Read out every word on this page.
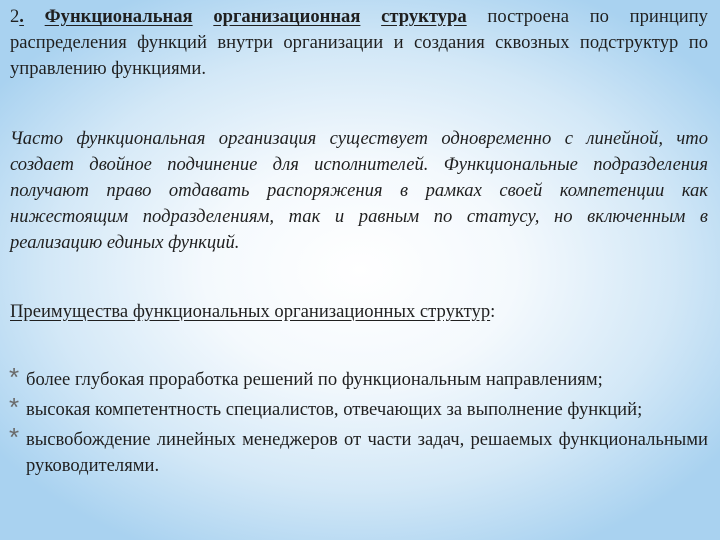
2. Функциональная организационная структура построена по принципу распределения функций внутри организации и создания сквозных подструктур по управлению функциями.

Часто функциональная организация существует одновременно с линейной, что создает двойное подчинение для исполнителей. Функциональные подразделения получают право отдавать распоряжения в рамках своей компетенции как нижестоящим подразделениям, так и равным по статусу, но включенным в реализацию единых функций.

Преимущества функциональных организационных структур:

* более глубокая проработка решений по функциональным направлениям;
* высокая компетентность специалистов, отвечающих за выполнение функций;
* высвобождение линейных менеджеров от части задач, решаемых функциональными руководителями.
